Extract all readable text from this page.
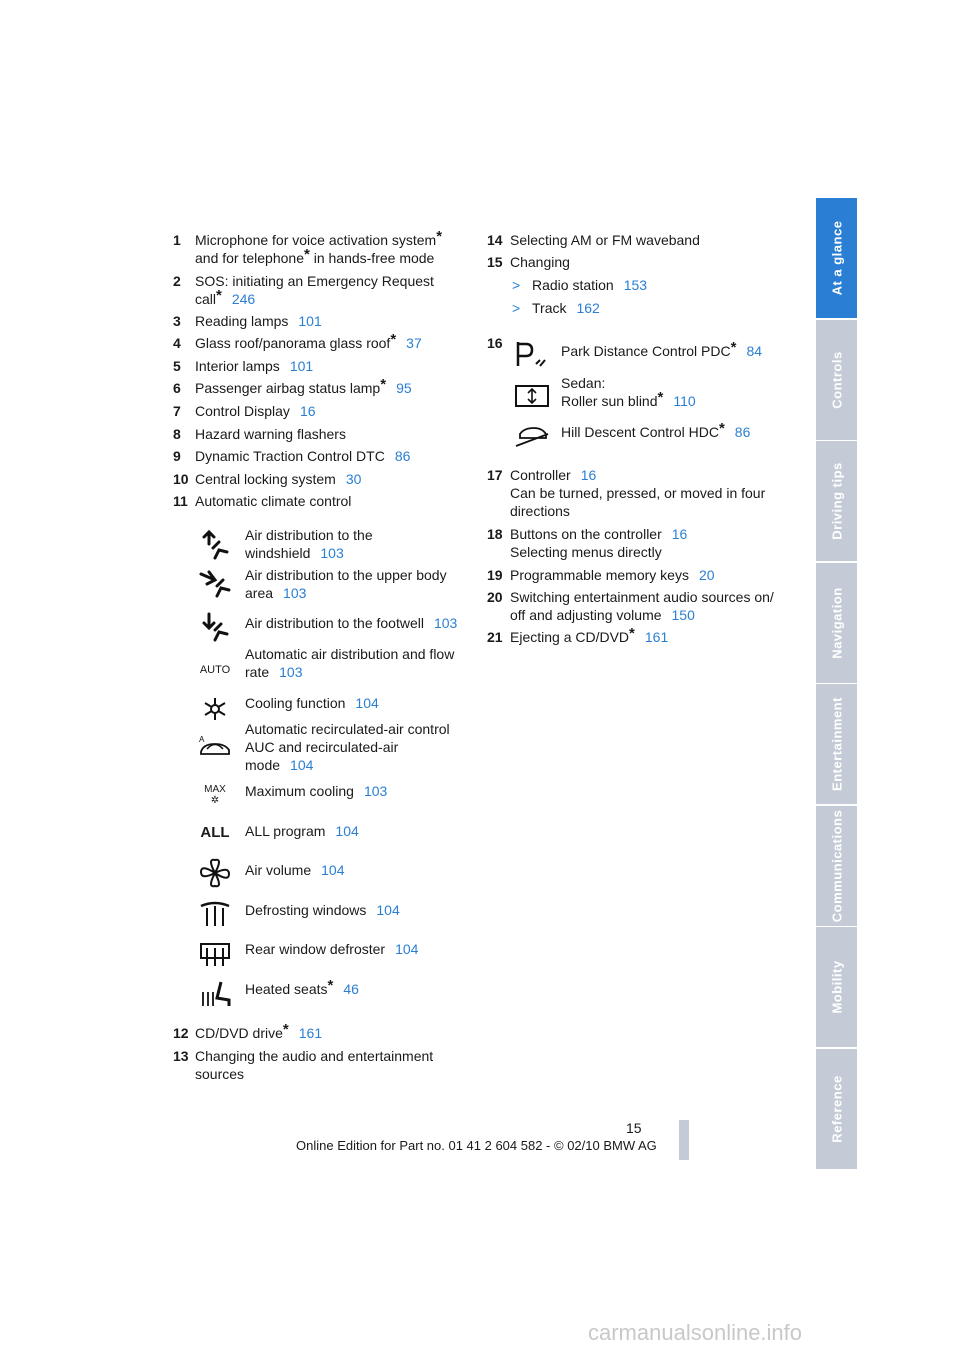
1 Microphone for voice activation system*
and for telephone* in hands-free mode
2 SOS: initiating an Emergency Request
call* 246
3 Reading lamps 101
4 Glass roof/panorama glass roof* 37
5 Interior lamps 101
6 Passenger airbag status lamp* 95
7 Control Display 16
8 Hazard warning flashers
9 Dynamic Traction Control DTC 86
10 Central locking system 30
11 Automatic climate control
Air distribution to the
windshield 103
Air distribution to the upper body
area 103
Air distribution to the footwell 103
AUTO
Automatic air distribution and flow
rate 103
Cooling function 104
A
Automatic recirculated-air control
AUC and recirculated-air
mode 104
MAX
✲
Maximum cooling 103
ALL	ALL program 104
Air volume 104
Defrosting windows 104
Rear window defroster 104
Heated seats* 46
12 CD/DVD drive* 161
13 Changing the audio and entertainment
sources
14 Selecting AM or FM waveband
15 Changing
> Radio station 153
> Track 162
16	Park Distance Control PDC* 84
Sedan:
Roller sun blind* 110
Hill Descent Control HDC* 86
17 Controller 16
Can be turned, pressed, or moved in four
directions
18 Buttons on the controller 16
Selecting menus directly
19 Programmable memory keys 20
20 Switching entertainment audio sources on/
off and adjusting volume 150
21 Ejecting a CD/DVD* 161
At a glance
Controls
Driving tips
Navigation
Entertainment
Communications
Mobility
Reference
15
Online Edition for Part no. 01 41 2 604 582 - © 02/10 BMW AG
carmanualsonline.info
